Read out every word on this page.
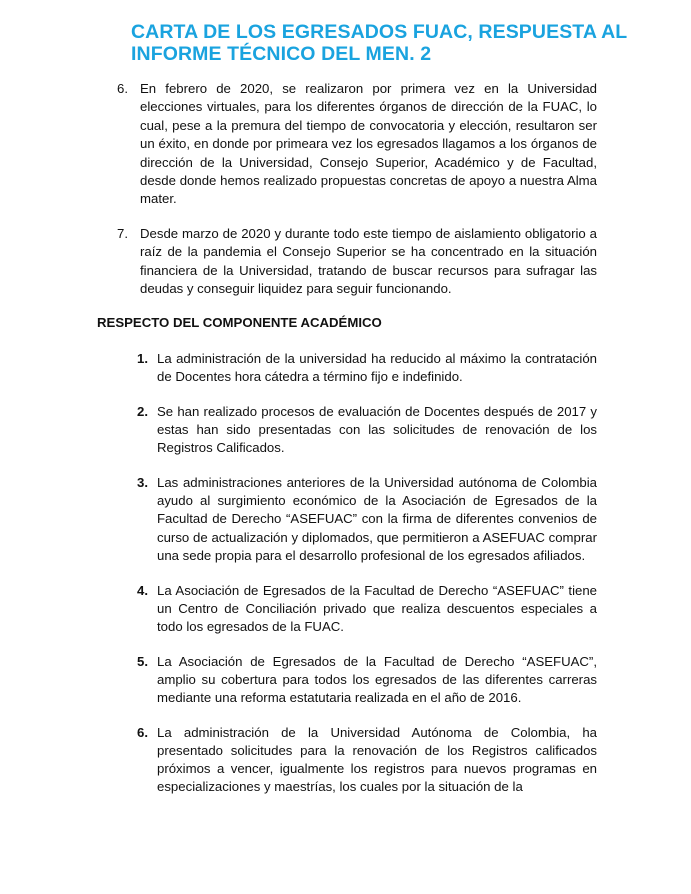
CARTA DE LOS EGRESADOS FUAC, RESPUESTA AL INFORME TÉCNICO DEL MEN. 2
6. En febrero de 2020, se realizaron por primera vez en la Universidad elecciones virtuales, para los diferentes órganos de dirección de la FUAC, lo cual, pese a la premura del tiempo de convocatoria y elección, resultaron ser un éxito, en donde por primeara vez los egresados llagamos a los órganos de dirección de la Universidad, Consejo Superior, Académico y de Facultad, desde donde hemos realizado propuestas concretas de apoyo a nuestra Alma mater.
7. Desde marzo de 2020 y durante todo este tiempo de aislamiento obligatorio a raíz de la pandemia el Consejo Superior se ha concentrado en la situación financiera de la Universidad, tratando de buscar recursos para sufragar las deudas y conseguir liquidez para seguir funcionando.
RESPECTO DEL COMPONENTE ACADÉMICO
1. La administración de la universidad ha reducido al máximo la contratación de Docentes hora cátedra a término fijo e indefinido.
2. Se han realizado procesos de evaluación de Docentes después de 2017 y estas han sido presentadas con las solicitudes de renovación de los Registros Calificados.
3. Las administraciones anteriores de la Universidad autónoma de Colombia ayudo al surgimiento económico de la Asociación de Egresados de la Facultad de Derecho “ASEFUAC” con la firma de diferentes convenios de curso de actualización y diplomados, que permitieron a ASEFUAC comprar una sede propia para el desarrollo profesional de los egresados afiliados.
4. La Asociación de Egresados de la Facultad de Derecho “ASEFUAC” tiene un Centro de Conciliación privado que realiza descuentos especiales a todo los egresados de la FUAC.
5. La Asociación de Egresados de la Facultad de Derecho “ASEFUAC”, amplio su cobertura para todos los egresados de las diferentes carreras mediante una reforma estatutaria realizada en el año de 2016.
6. La administración de la Universidad Autónoma de Colombia, ha presentado solicitudes para la renovación de los Registros calificados próximos a vencer, igualmente los registros para nuevos programas en especializaciones y maestrías, los cuales por la situación de la
